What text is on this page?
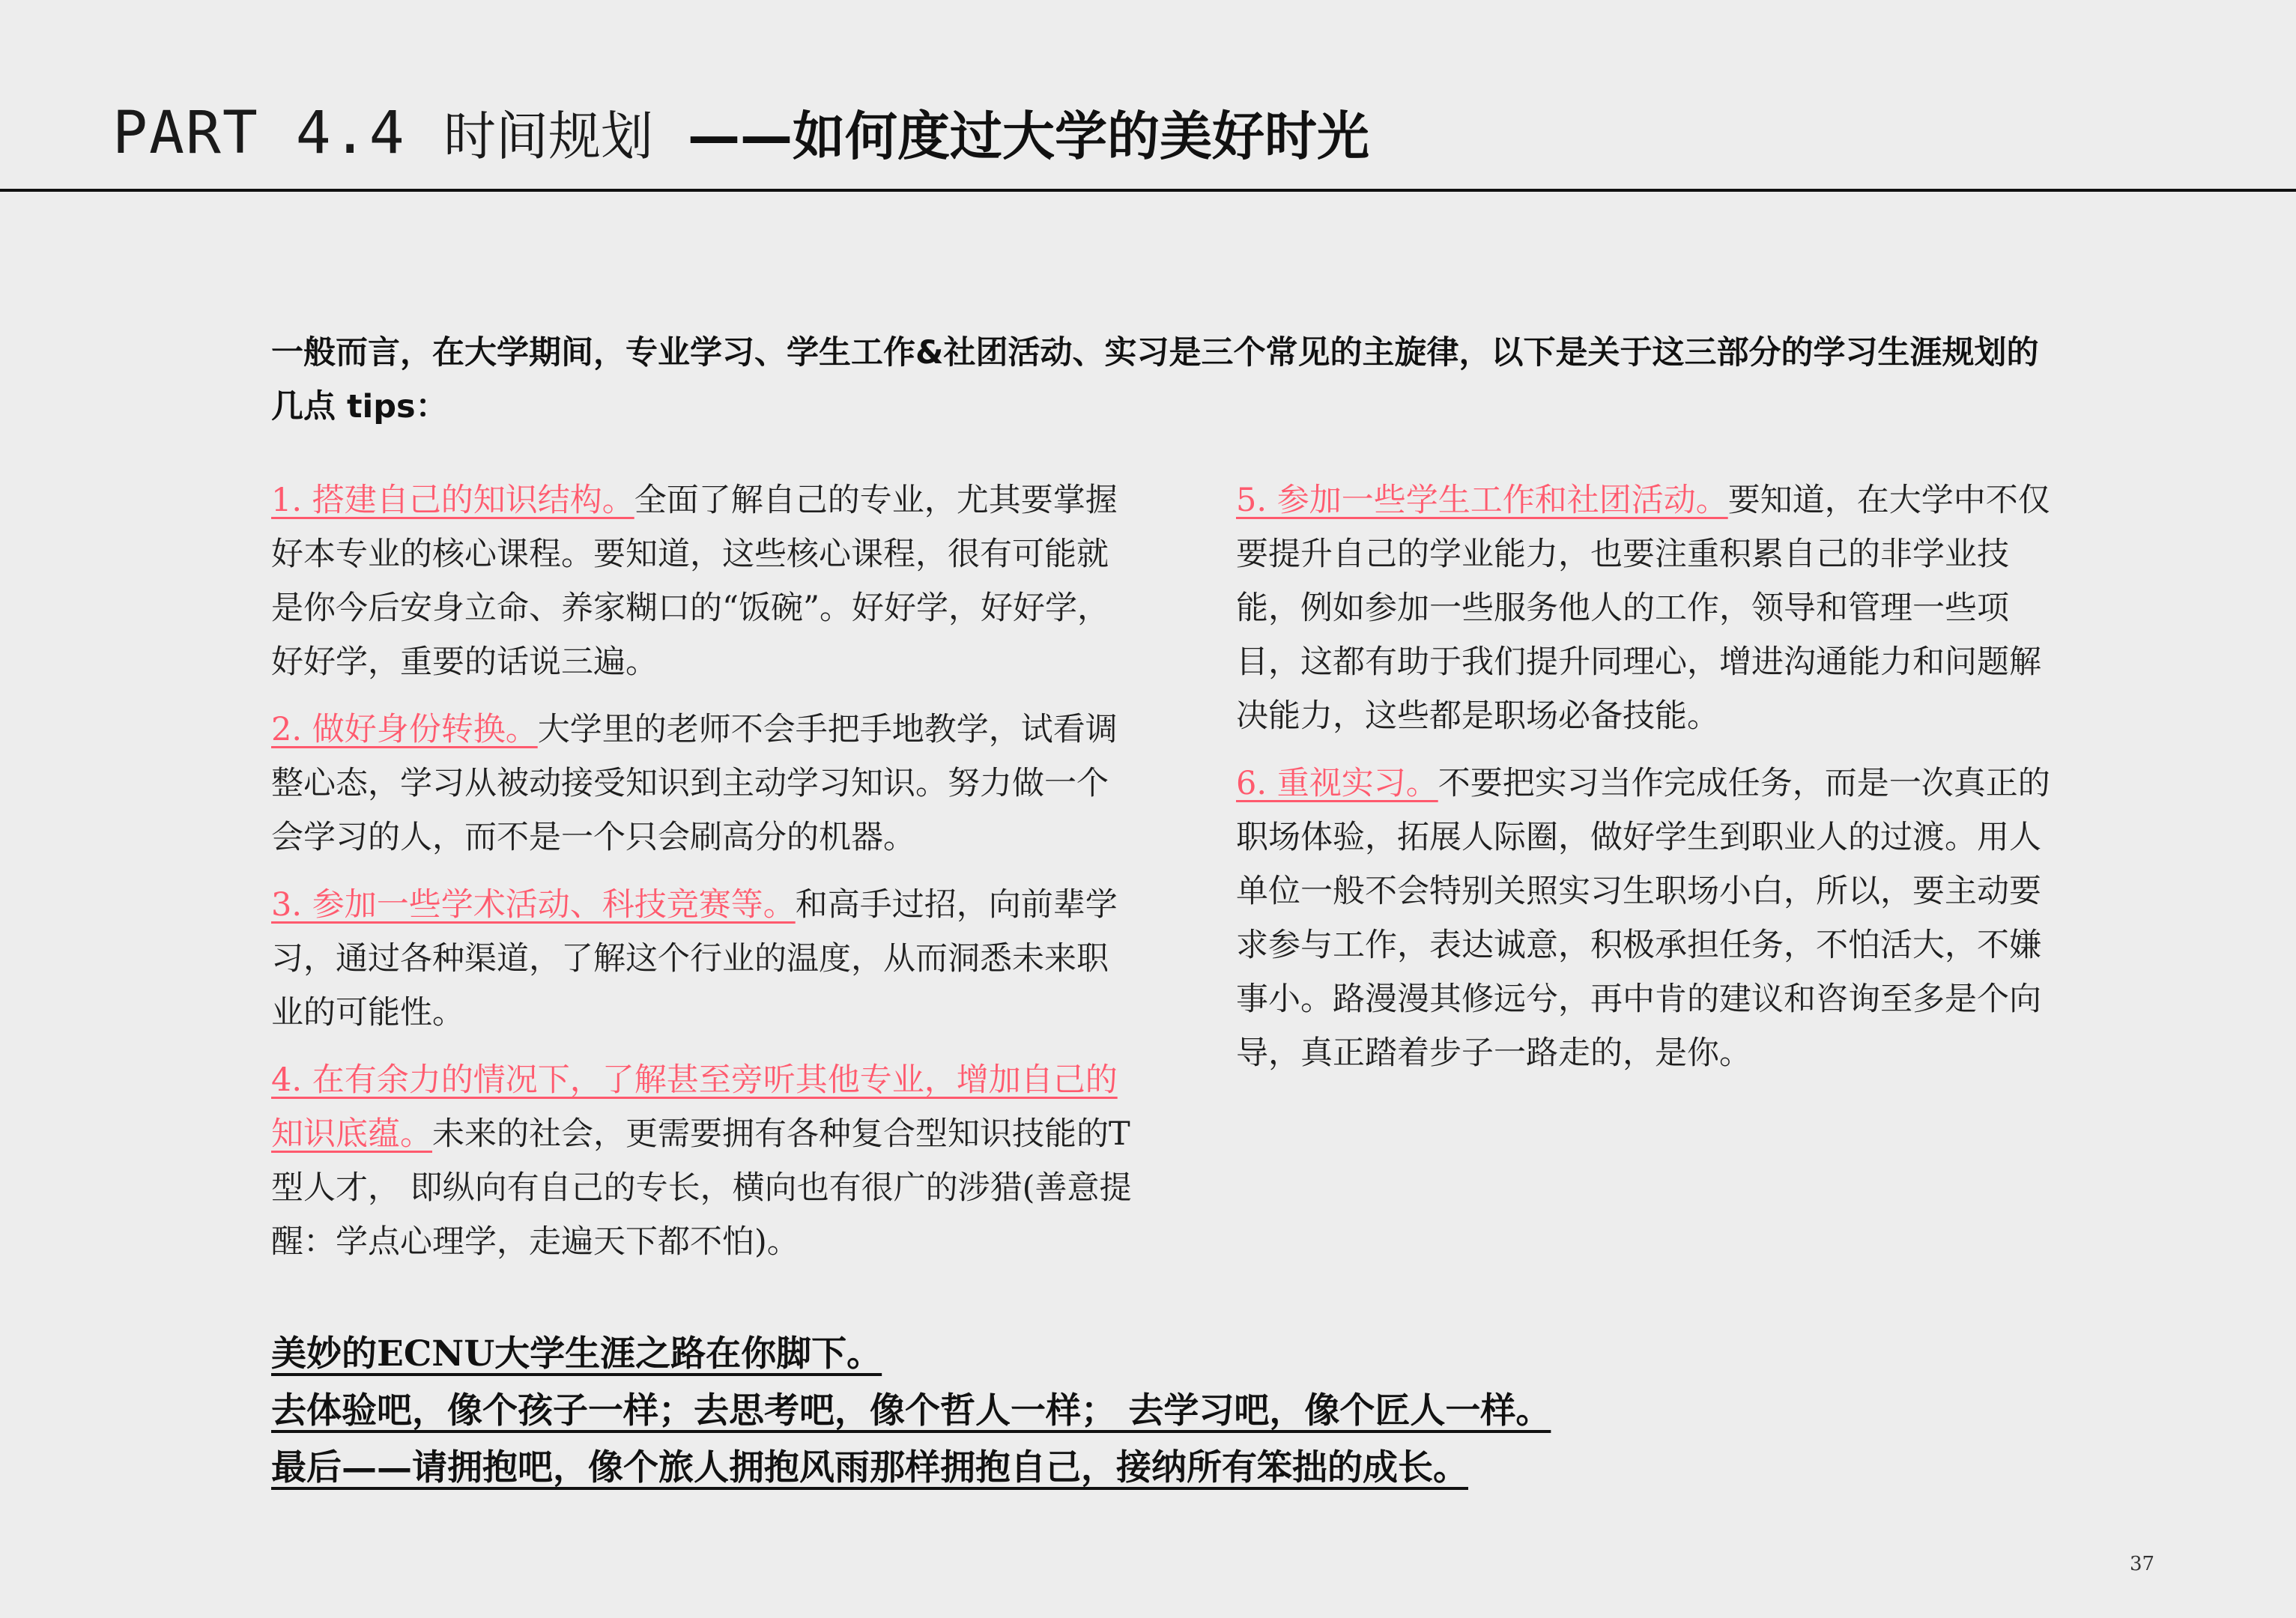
PART 4.4 时间规划 ——如何度过大学的美好时光
一般而言，在大学期间，专业学习、学生工作&社团活动、实习是三个常见的主旋律，以下是关于这三部分的学习生涯规划的几点 tips：

1. 搭建自己的知识结构。全面了解自己的专业，尤其要掌握好本专业的核心课程。要知道，这些核心课程，很有可能就是你今后安身立命、养家糊口的“饭碗”。好好学，好好学，好好学，重要的话说三遍。

2. 做好身份转换。大学里的老师不会手把手地教学，试看调整心态，学习从被动接受知识到主动学习知识。努力做一个会学习的人，而不是一个只会刷高分的机器。

3. 参加一些学术活动、科技竞赛等。和高手过招，向前辈学习，通过各种渠道，了解这个行业的温度，从而洞悉未来职业的可能性。

4. 在有余力的情况下，了解甚至旁听其他专业，增加自己的知识底蕴。未来的社会，更需要拥有各种复合型知识技能的T型人才， 即纵向有自己的专长，横向也有很广的涉猎(善意提醒：学点心理学，走遍天下都不怕)。

5. 参加一些学生工作和社团活动。要知道，在大学中不仅要提升自己的学业能力，也要注重积累自己的非学业技能，例如参加一些服务他人的工作，领导和管理一些项目，这都有助于我们提升同理心，增进沟通能力和问题解决能力，这些都是职场必备技能。

6. 重视实习。不要把实习当作完成任务，而是一次真正的职场体验，拓展人际圈，做好学生到职业人的过渡。用人单位一般不会特别关照实习生职场小白，所以，要主动要求参与工作，表达诚意，积极承担任务，不怕活大，不嫌事小。路漫漫其修远兮，再中肯的建议和咨询至多是个向导，真正踏着步子一路走的，是你。

美妙的ECNU大学生涯之路在你脚下。
去体验吧，像个孩子一样；去思考吧，像个哲人一样； 去学习吧，像个匠人一样。
最后——请拥抱吧，像个旅人拥抱风雨那样拥抱自己，接纳所有笨拙的成长。
37
